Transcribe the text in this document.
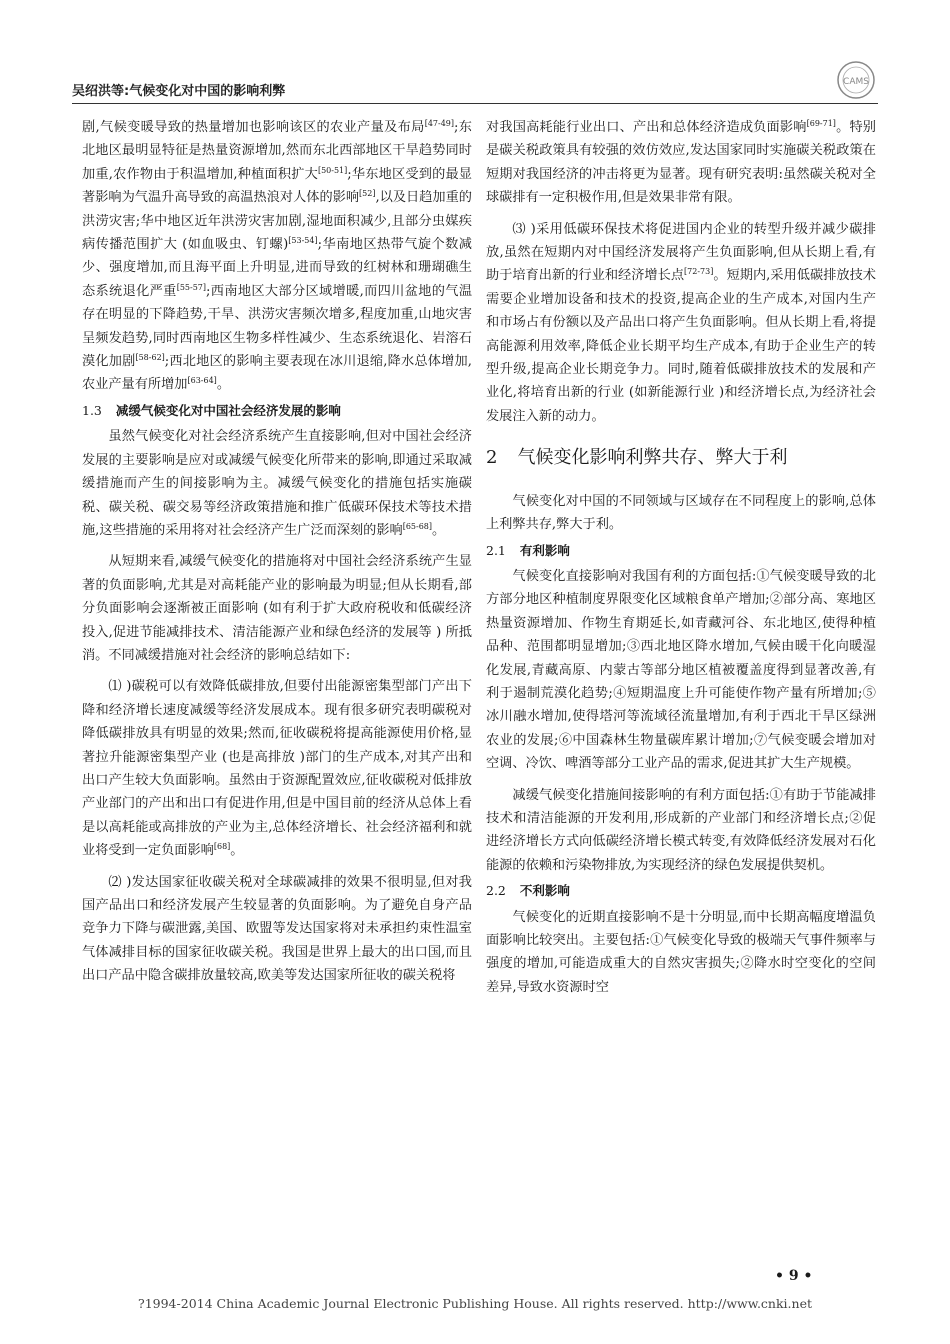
吴绍洪等:气候变化对中国的影响利弊
CAMS

剧,气候变暖导致的热量增加也影响该区的农业产量及布局[47-49];东北地区最明显特征是热量资源增加,然而东北西部地区干旱趋势同时加重,农作物由于积温增加,种植面积扩大[50-51];华东地区受到的最显著影响为气温升高导致的高温热浪对人体的影响[52],以及日趋加重的洪涝灾害;华中地区近年洪涝灾害加剧,湿地面积减少,且部分虫媒疾病传播范围扩大 (如血吸虫、钉螺)[53-54];华南地区热带气旋个数减少、强度增加,而且海平面上升明显,进而导致的红树林和珊瑚礁生态系统退化严重[55-57];西南地区大部分区域增暖,而四川盆地的气温存在明显的下降趋势,干旱、洪涝灾害频次增多,程度加重,山地灾害呈频发趋势,同时西南地区生物多样性减少、生态系统退化、岩溶石漠化加剧[58-62];西北地区的影响主要表现在冰川退缩,降水总体增加,农业产量有所增加[63-64]。

1.3 减缓气候变化对中国社会经济发展的影响

虽然气候变化对社会经济系统产生直接影响,但对中国社会经济发展的主要影响是应对或减缓气候变化所带来的影响,即通过采取减缓措施而产生的间接影响为主。减缓气候变化的措施包括实施碳税、碳关税、碳交易等经济政策措施和推广低碳环保技术等技术措施,这些措施的采用将对社会经济产生广泛而深刻的影响[65-68]。

从短期来看,减缓气候变化的措施将对中国社会经济系统产生显著的负面影响,尤其是对高耗能产业的影响最为明显;但从长期看,部分负面影响会逐渐被正面影响 (如有利于扩大政府税收和低碳经济投入,促进节能减排技术、清洁能源产业和绿色经济的发展等 ) 所抵消。不同减缓措施对社会经济的影响总结如下:

⑴ )碳税可以有效降低碳排放,但要付出能源密集型部门产出下降和经济增长速度减缓等经济发展成本。现有很多研究表明碳税对降低碳排放具有明显的效果;然而,征收碳税将提高能源使用价格,显著拉升能源密集型产业 (也是高排放 )部门的生产成本,对其产出和出口产生较大负面影响。虽然由于资源配置效应,征收碳税对低排放产业部门的产出和出口有促进作用,但是中国目前的经济从总体上看是以高耗能或高排放的产业为主,总体经济增长、社会经济福利和就业将受到一定负面影响[68]。

⑵ )发达国家征收碳关税对全球碳减排的效果不很明显,但对我国产品出口和经济发展产生较显著的负面影响。为了避免自身产品竞争力下降与碳泄露,美国、欧盟等发达国家将对未承担约束性温室气体减排目标的国家征收碳关税。我国是世界上最大的出口国,而且出口产品中隐含碳排放量较高,欧美等发达国家所征收的碳关税将

对我国高耗能行业出口、产出和总体经济造成负面影响[69-71]。特别是碳关税政策具有较强的效仿效应,发达国家同时实施碳关税政策在短期对我国经济的冲击将更为显著。现有研究表明:虽然碳关税对全球碳排有一定积极作用,但是效果非常有限。

⑶ )采用低碳环保技术将促进国内企业的转型升级并减少碳排放,虽然在短期内对中国经济发展将产生负面影响,但从长期上看,有助于培育出新的行业和经济增长点[72-73]。短期内,采用低碳排放技术需要企业增加设备和技术的投资,提高企业的生产成本,对国内生产和市场占有份额以及产品出口将产生负面影响。但从长期上看,将提高能源利用效率,降低企业长期平均生产成本,有助于企业生产的转型升级,提高企业长期竞争力。同时,随着低碳排放技术的发展和产业化,将培育出新的行业 (如新能源行业 )和经济增长点,为经济社会发展注入新的动力。

2 气候变化影响利弊共存、弊大于利

气候变化对中国的不同领域与区域存在不同程度上的影响,总体上利弊共存,弊大于利。

2.1 有利影响

气候变化直接影响对我国有利的方面包括:①气候变暖导致的北方部分地区种植制度界限变化区域粮食单产增加;②部分高、寒地区热量资源增加、作物生育期延长,如青藏河谷、东北地区,使得种植品种、范围都明显增加;③西北地区降水增加,气候由暖干化向暖湿化发展,青藏高原、内蒙古等部分地区植被覆盖度得到显著改善,有利于遏制荒漠化趋势;④短期温度上升可能使作物产量有所增加;⑤冰川融水增加,使得塔河等流域径流量增加,有利于西北干旱区绿洲农业的发展;⑥中国森林生物量碳库累计增加;⑦气候变暖会增加对空调、冷饮、啤酒等部分工业产品的需求,促进其扩大生产规模。

减缓气候变化措施间接影响的有利方面包括:①有助于节能减排技术和清洁能源的开发利用,形成新的产业部门和经济增长点;②促进经济增长方式向低碳经济增长模式转变,有效降低经济发展对石化能源的依赖和污染物排放,为实现经济的绿色发展提供契机。

2.2 不利影响

气候变化的近期直接影响不是十分明显,而中长期高幅度增温负面影响比较突出。主要包括:①气候变化导致的极端天气事件频率与强度的增加,可能造成重大的自然灾害损失;②降水时空变化的空间差异,导致水资源时空

• 9 •
?1994-2014 China Academic Journal Electronic Publishing House. All rights reserved. http://www.cnki.net
